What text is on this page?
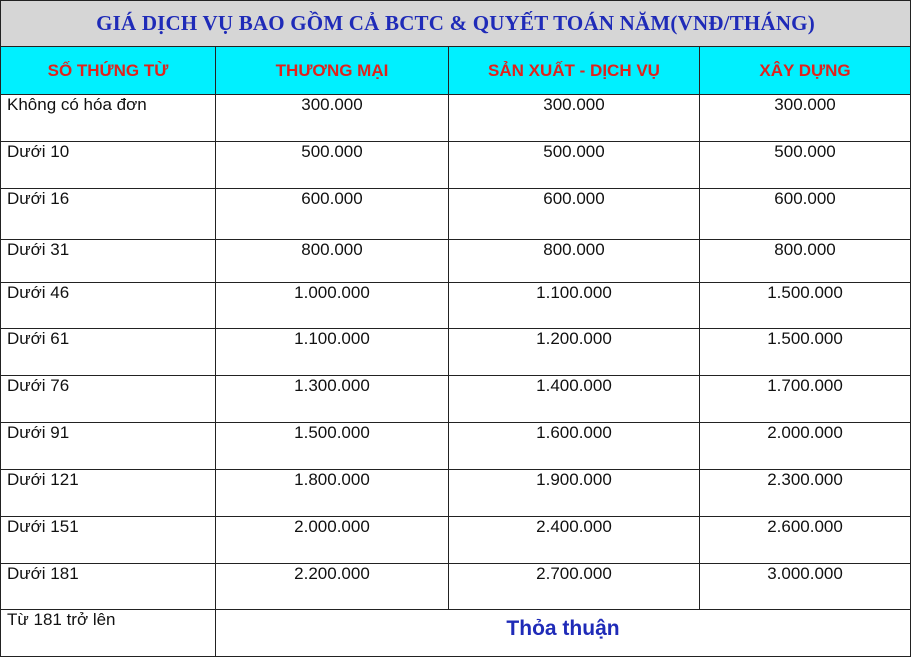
GIÁ DỊCH VỤ BAO GỒM CẢ BCTC & QUYẾT TOÁN NĂM(VNĐ/THÁNG)			
SỐ THỨNG TỪ	THƯƠNG MẠI	SẢN XUẤT - DỊCH VỤ	XÂY DỰNG
Không có hóa đơn	300.000	300.000	300.000
Dưới 10	500.000	500.000	500.000
Dưới 16	600.000	600.000	600.000
Dưới 31	800.000	800.000	800.000
Dưới 46	1.000.000	1.100.000	1.500.000
Dưới 61	1.100.000	1.200.000	1.500.000
Dưới 76	1.300.000	1.400.000	1.700.000
Dưới 91	1.500.000	1.600.000	2.000.000
Dưới 121	1.800.000	1.900.000	2.300.000
Dưới 151	2.000.000	2.400.000	2.600.000
Dưới 181	2.200.000	2.700.000	3.000.000
Từ 181 trở lên	Thỏa thuận		
